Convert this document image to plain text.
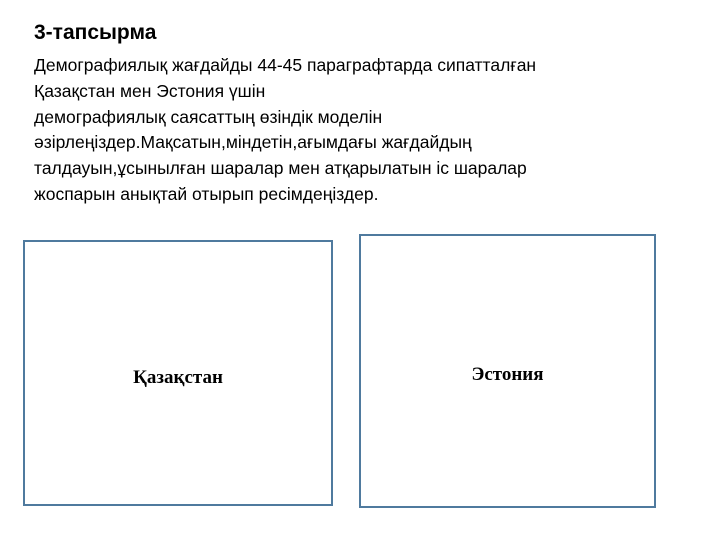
3-тапсырма
Демографиялық жағдайды 44-45 параграфтарда сипатталған
Қазақстан мен Эстония үшін
демографиялық саясаттың өзіндік моделін
әзірлеңіздер.Мақсатын,міндетін,ағымдағы жағдайдың
талдауын,ұсынылған шаралар мен атқарылатын іс шаралар
жоспарын анықтай отырып ресімдеңіздер.
Қазақстан	Эстония
